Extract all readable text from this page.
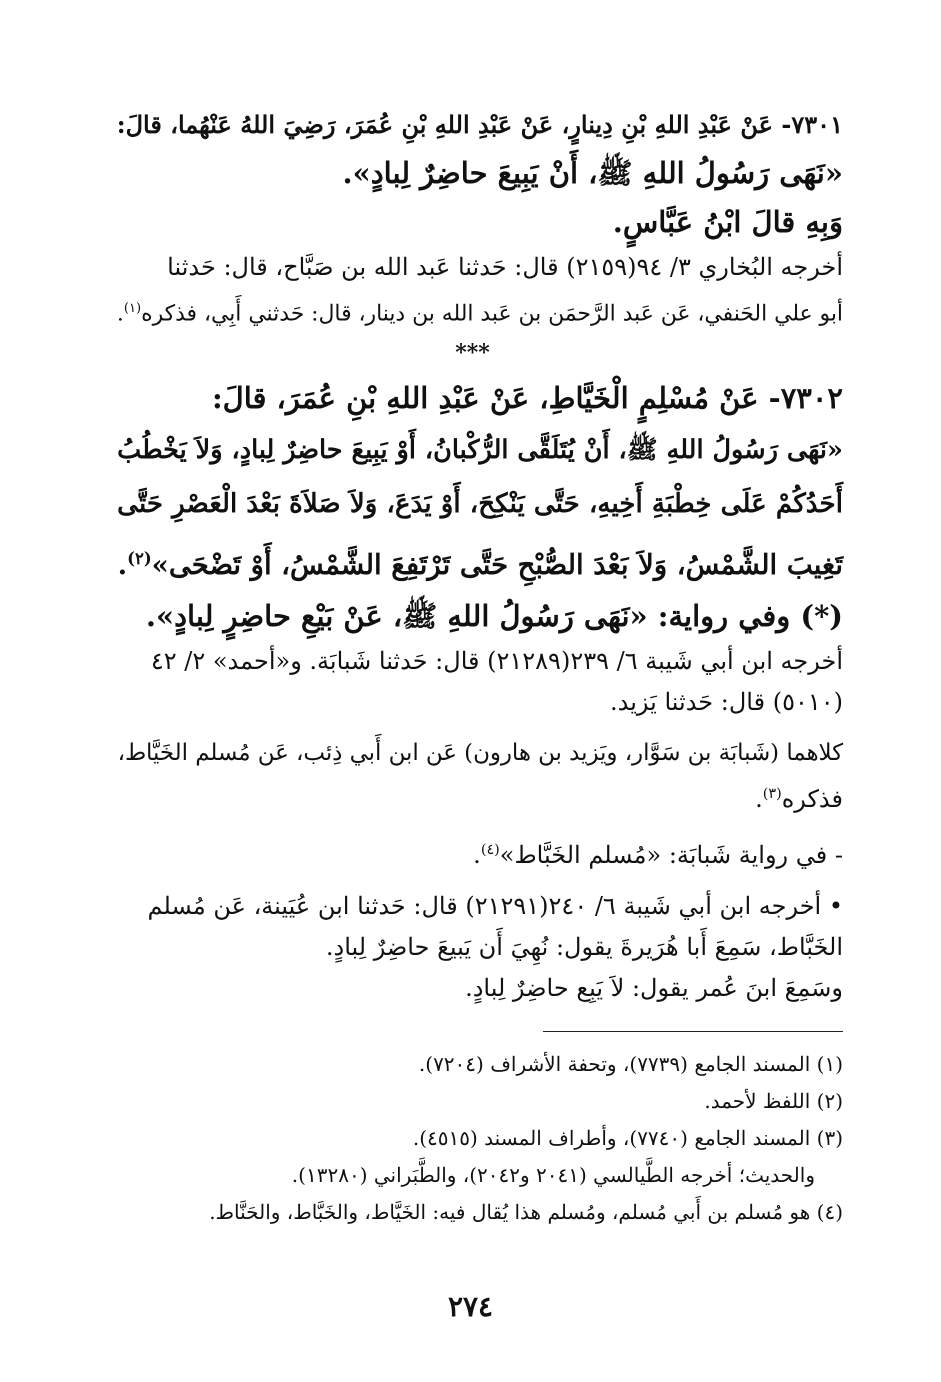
٧٣٠١- عَنْ عَبْدِ اللهِ بْنِ دِينارٍ، عَنْ عَبْدِ اللهِ بْنِ عُمَرَ، رَضِيَ اللهُ عَنْهُما، قالَ:
«نَهَى رَسُولُ اللهِ ﷺ، أَنْ يَبِيعَ حاضِرٌ لِبادٍ».
وَبِهِ قالَ ابْنُ عَبَّاسٍ.
أخرجه البُخاري ٣/ ٩٤(٢١٥٩) قال: حَدثنا عَبد الله بن صَبَّاح، قال: حَدثنا
أبو علي الحَنفي، عَن عَبد الرَّحمَن بن عَبد الله بن دينار، قال: حَدثني أَبِي، فذكره$^{(١)}$.
***
٧٣٠٢- عَنْ مُسْلِمٍ الْخَيَّاطِ، عَنْ عَبْدِ اللهِ بْنِ عُمَرَ، قالَ:
«نَهَى رَسُولُ اللهِ ﷺ، أَنْ يُتَلَقَّى الرُّكْبانُ، أَوْ يَبِيعَ حاضِرٌ لِبادٍ، وَلاَ يَخْطُبُ
أَحَدُكُمْ عَلَى خِطْبَةِ أَخِيهِ، حَتَّى يَنْكِحَ، أَوْ يَدَعَ، وَلاَ صَلاَةَ بَعْدَ الْعَصْرِ حَتَّى
تَغِيبَ الشَّمْسُ، وَلاَ بَعْدَ الصُّبْحِ حَتَّى تَرْتَفِعَ الشَّمْسُ، أَوْ تَضْحَى»$^{(٢)}$.
(*) وفي رواية: «نَهَى رَسُولُ اللهِ ﷺ، عَنْ بَيْعِ حاضِرٍ لِبادٍ».
أخرجه ابن أبي شَيبة ٦/ ٢٣٩(٢١٢٨٩) قال: حَدثنا شَبابَة. و«أحمد» ٢/ ٤٢
(٥٠١٠) قال: حَدثنا يَزيد.
كلاهما (شَبابَة بن سَوَّار، ويَزيد بن هارون) عَن ابن أَبي ذِئب، عَن مُسلم الخَيَّاط،
فذكره$^{(٣)}$.
- في رواية شَبابَة: «مُسلم الخَبَّاط»$^{(٤)}$.
• أخرجه ابن أبي شَيبة ٦/ ٢٤٠(٢١٢٩١) قال: حَدثنا ابن عُيَينة، عَن مُسلم
الخَبَّاط، سَمِعَ أَبا هُرَيرةَ يقول: نُهِيَ أَن يَبيعَ حاضِرٌ لِبادٍ.
وسَمِعَ ابنَ عُمر يقول: لاَ يَبِع حاضِرٌ لِبادٍ.
(١) المسند الجامع (٧٧٣٩)، وتحفة الأشراف (٧٢٠٤).
(٢) اللفظ لأحمد.
(٣) المسند الجامع (٧٧٤٠)، وأطراف المسند (٤٥١٥).
والحديث؛ أخرجه الطَّيالسي (٢٠٤١ و٢٠٤٢)، والطَّبَراني (١٣٢٨٠).
(٤) هو مُسلم بن أَبي مُسلم، ومُسلم هذا يُقال فيه: الخَيَّاط، والخَبَّاط، والحَنَّاط.
٢٧٤
